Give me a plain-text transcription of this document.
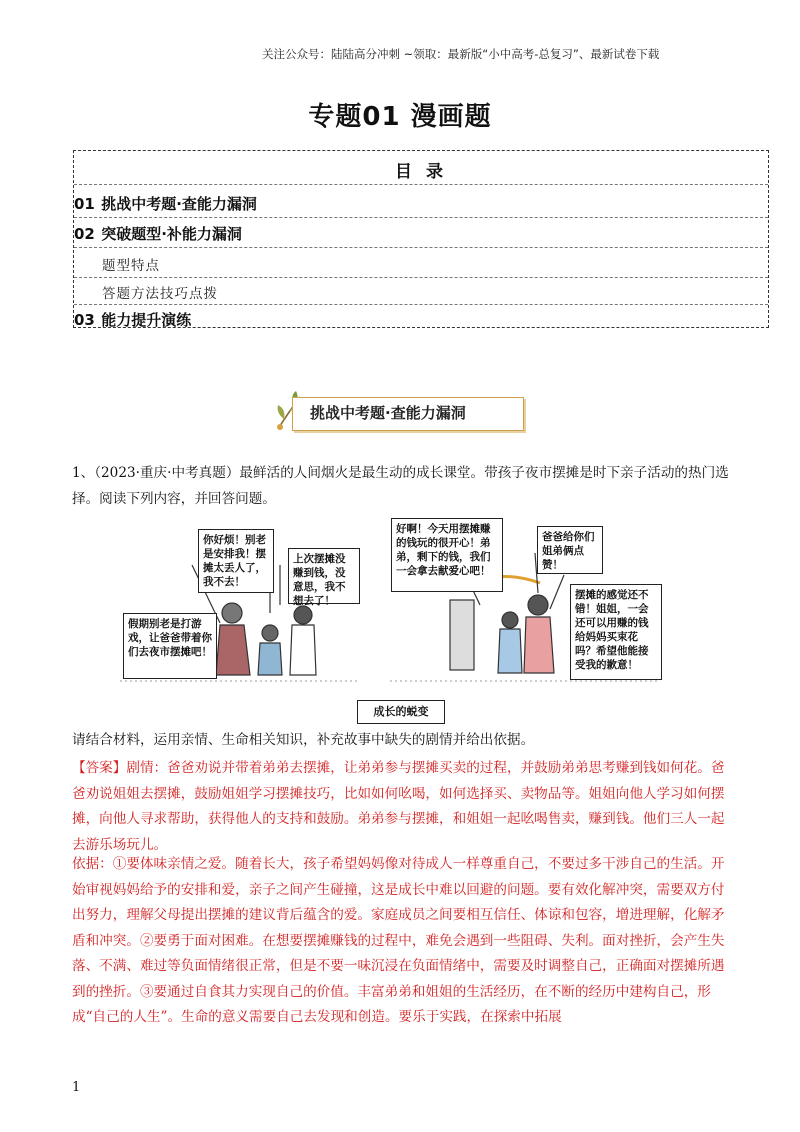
关注公众号：陆陆高分冲刺 ~领取：最新版“小中高考-总复习”、最新试卷下载
专题01 漫画题
目 录
01 挑战中考题·查能力漏洞
02 突破题型·补能力漏洞
题型特点
答题方法技巧点拨
03 能力提升演练
挑战中考题·查能力漏洞
1、（2023·重庆·中考真题）最鲜活的人间烟火是最生动的成长课堂。带孩子夜市摆摊是时下亲子活动的热门选择。阅读下列内容，并回答问题。
你好烦！别老是安排我！摆摊太丢人了，我不去！
上次摆摊没赚到钱，没意思，我不想去了！
假期别老是打游戏，让爸爸带着你们去夜市摆摊吧！
好啊！今天用摆摊赚的钱玩的很开心！弟弟，剩下的钱，我们一会拿去献爱心吧！
爸爸给你们姐弟俩点赞！
摆摊的感觉还不错！姐姐，一会还可以用赚的钱给妈妈买束花吗？希望他能接受我的歉意！
成长的蜕变
请结合材料，运用亲情、生命相关知识，补充故事中缺失的剧情并给出依据。
【答案】剧情：爸爸劝说并带着弟弟去摆摊，让弟弟参与摆摊买卖的过程，并鼓励弟弟思考赚到钱如何花。爸爸劝说姐姐去摆摊，鼓励姐姐学习摆摊技巧，比如如何吆喝，如何选择买、卖物品等。姐姐向他人学习如何摆摊，向他人寻求帮助，获得他人的支持和鼓励。弟弟参与摆摊，和姐姐一起吆喝售卖，赚到钱。他们三人一起去游乐场玩儿。
依据：①要体味亲情之爱。随着长大，孩子希望妈妈像对待成人一样尊重自己，不要过多干涉自己的生活。开始审视妈妈给予的安排和爱，亲子之间产生碰撞，这是成长中难以回避的问题。要有效化解冲突，需要双方付出努力，理解父母提出摆摊的建议背后蕴含的爱。家庭成员之间要相互信任、体谅和包容，增进理解，化解矛盾和冲突。②要勇于面对困难。在想要摆摊赚钱的过程中，难免会遇到一些阻碍、失利。面对挫折，会产生失落、不满、难过等负面情绪很正常，但是不要一味沉浸在负面情绪中，需要及时调整自己，正确面对摆摊所遇到的挫折。③要通过自食其力实现自己的价值。丰富弟弟和姐姐的生活经历，在不断的经历中建构自己，形成“自己的人生”。生命的意义需要自己去发现和创造。要乐于实践，在探索中拓展
1
